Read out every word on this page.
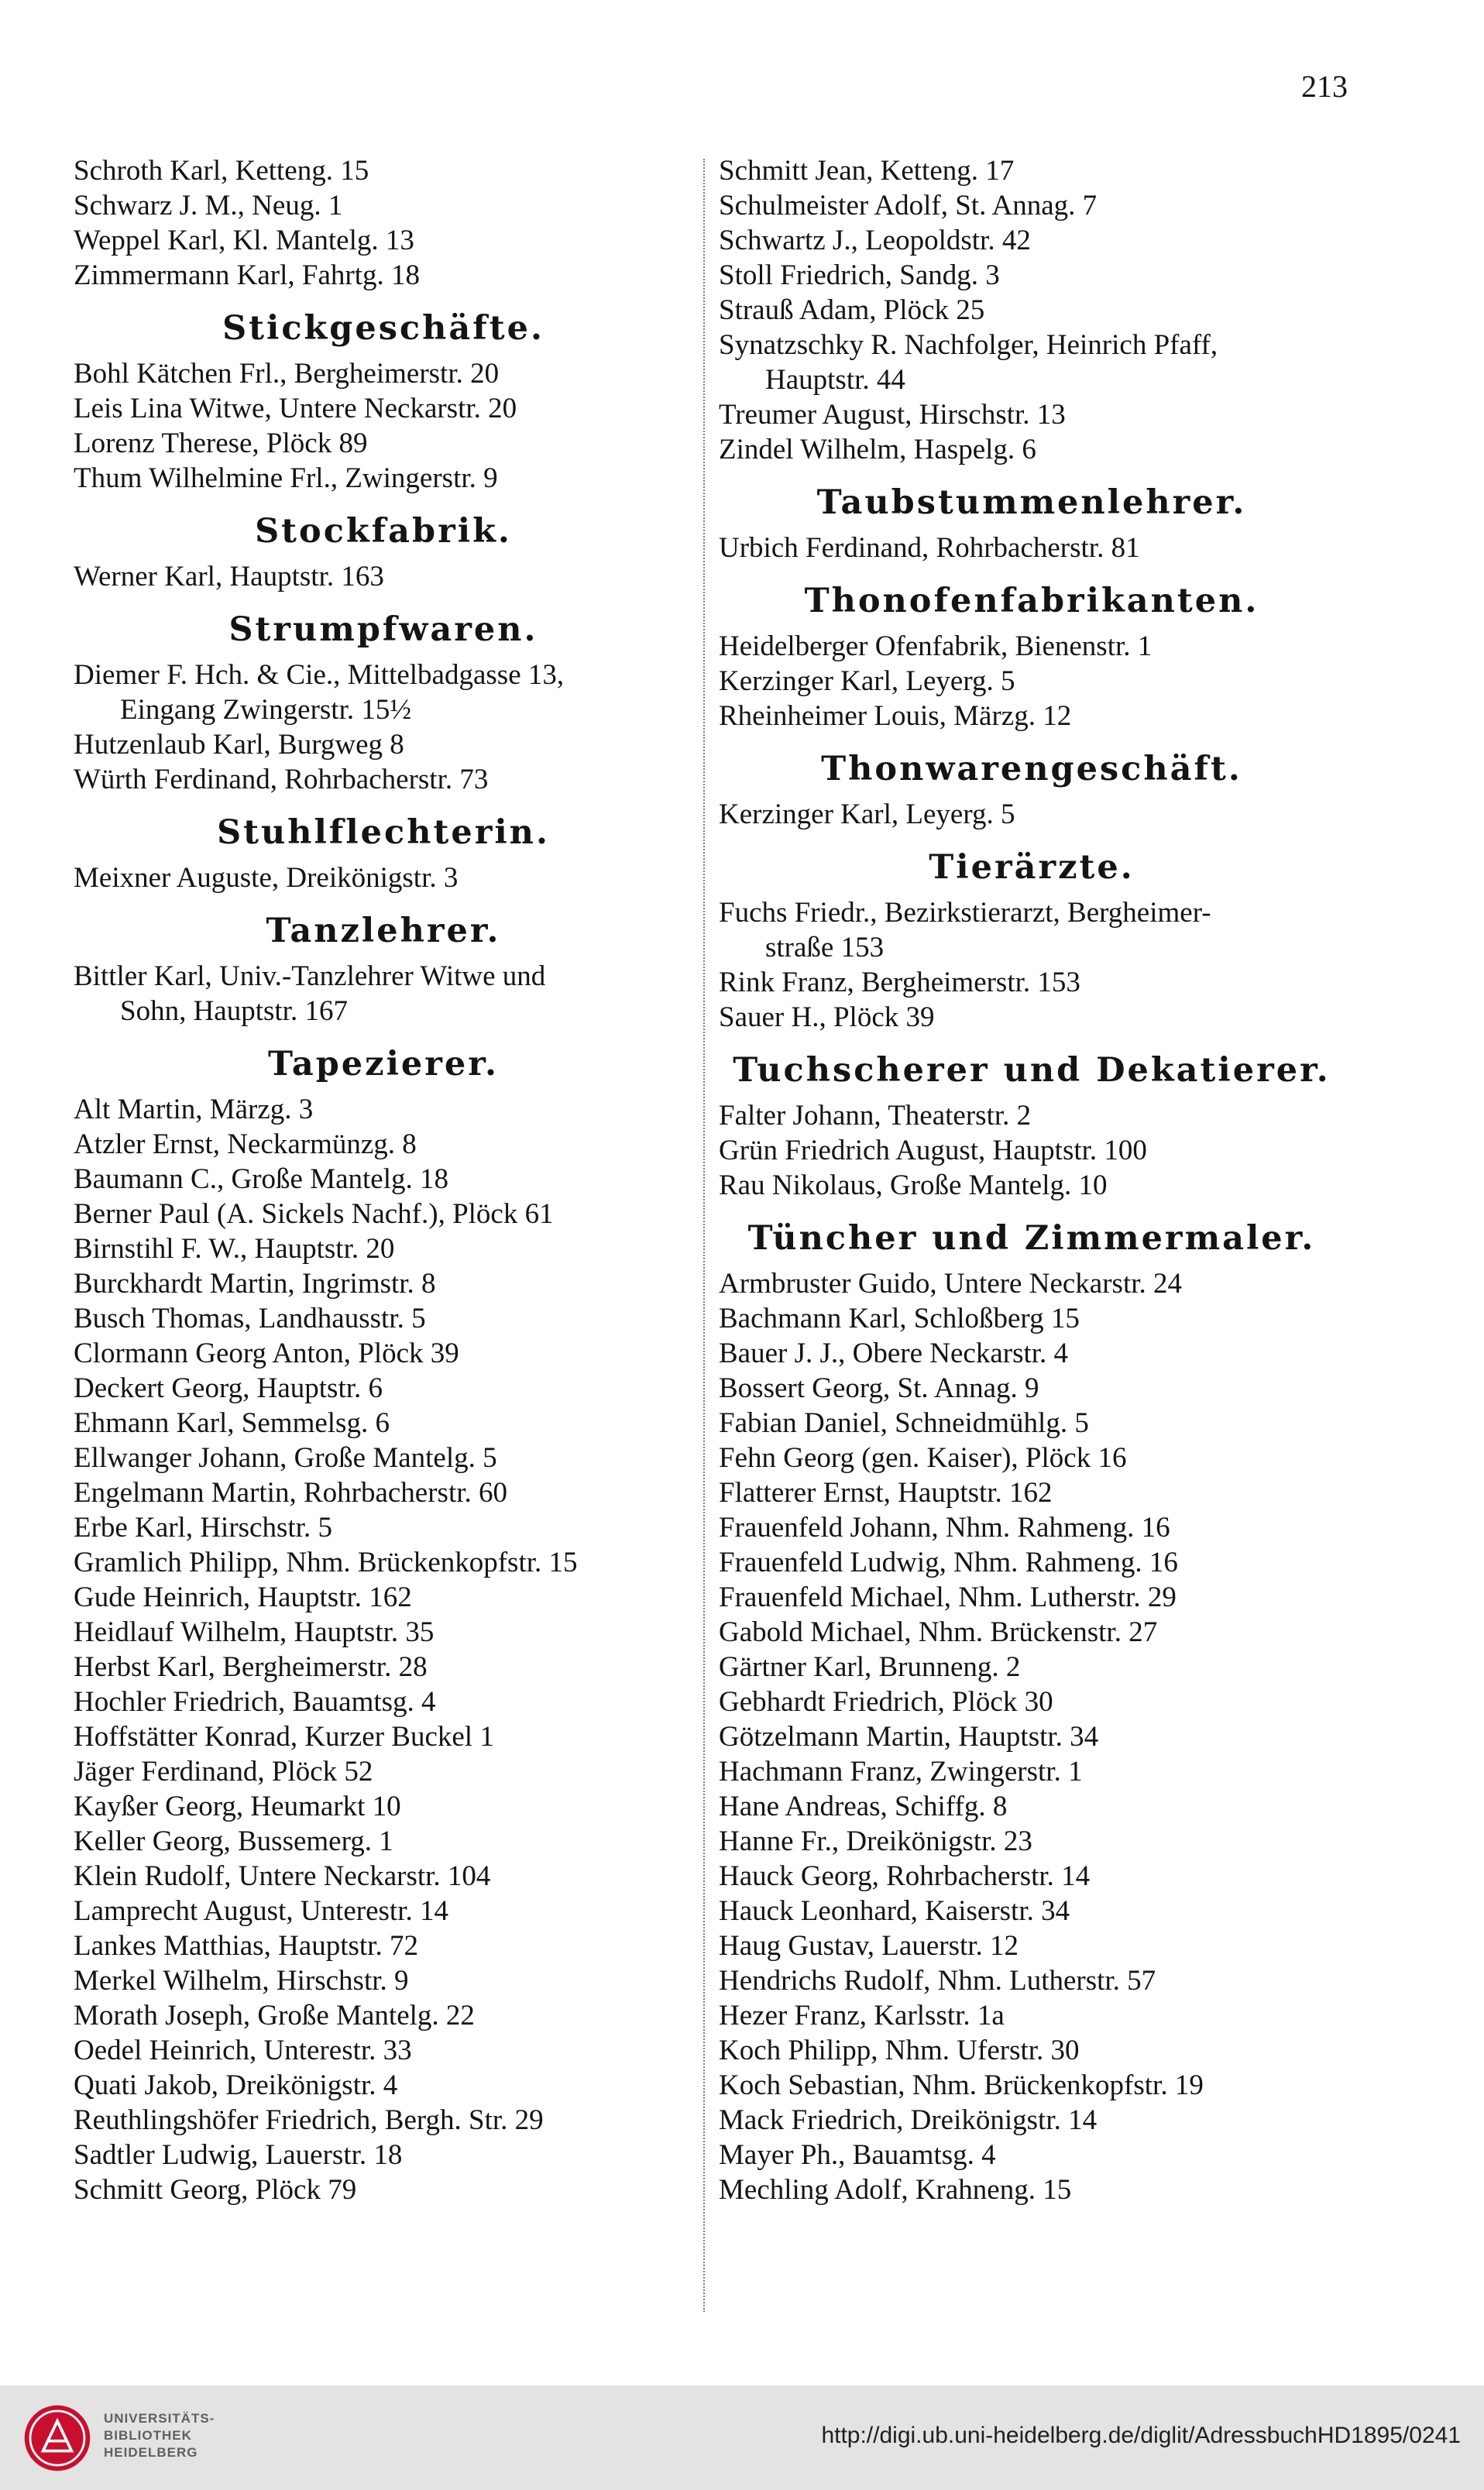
213
Schroth Karl, Ketteng. 15
Schwarz J. M., Neug. 1
Weppel Karl, Kl. Mantelg. 13
Zimmermann Karl, Fahrtg. 18
Stickgeschäfte.
Bohl Kätchen Frl., Bergheimerstr. 20
Leis Lina Witwe, Untere Neckarstr. 20
Lorenz Therese, Plöck 89
Thum Wilhelmine Frl., Zwingerstr. 9
Stockfabrik.
Werner Karl, Hauptstr. 163
Strumpfwaren.
Diemer F. Hch. & Cie., Mittelbadgasse 13,
Eingang Zwingerstr. 15½
Hutzenlaub Karl, Burgweg 8
Würth Ferdinand, Rohrbacherstr. 73
Stuhlflechterin.
Meixner Auguste, Dreikönigstr. 3
Tanzlehrer.
Bittler Karl, Univ.-Tanzlehrer Witwe und
Sohn, Hauptstr. 167
Tapezierer.
Alt Martin, Märzg. 3
Atzler Ernst, Neckarmünzg. 8
Baumann C., Große Mantelg. 18
Berner Paul (A. Sickels Nachf.), Plöck 61
Birnstihl F. W., Hauptstr. 20
Burckhardt Martin, Ingrimstr. 8
Busch Thomas, Landhausstr. 5
Clormann Georg Anton, Plöck 39
Deckert Georg, Hauptstr. 6
Ehmann Karl, Semmelsg. 6
Ellwanger Johann, Große Mantelg. 5
Engelmann Martin, Rohrbacherstr. 60
Erbe Karl, Hirschstr. 5
Gramlich Philipp, Nhm. Brückenkopfstr. 15
Gude Heinrich, Hauptstr. 162
Heidlauf Wilhelm, Hauptstr. 35
Herbst Karl, Bergheimerstr. 28
Hochler Friedrich, Bauamtsg. 4
Hoffstätter Konrad, Kurzer Buckel 1
Jäger Ferdinand, Plöck 52
Kayßer Georg, Heumarkt 10
Keller Georg, Bussemerg. 1
Klein Rudolf, Untere Neckarstr. 104
Lamprecht August, Unterestr. 14
Lankes Matthias, Hauptstr. 72
Merkel Wilhelm, Hirschstr. 9
Morath Joseph, Große Mantelg. 22
Oedel Heinrich, Unterestr. 33
Quati Jakob, Dreikönigstr. 4
Reuthlingshöfer Friedrich, Bergh. Str. 29
Sadtler Ludwig, Lauerstr. 18
Schmitt Georg, Plöck 79
Schmitt Jean, Ketteng. 17
Schulmeister Adolf, St. Annag. 7
Schwartz J., Leopoldstr. 42
Stoll Friedrich, Sandg. 3
Strauß Adam, Plöck 25
Synatzschky R. Nachfolger, Heinrich Pfaff,
Hauptstr. 44
Treumer August, Hirschstr. 13
Zindel Wilhelm, Haspelg. 6
Taubstummenlehrer.
Urbich Ferdinand, Rohrbacherstr. 81
Thonofenfabrikanten.
Heidelberger Ofenfabrik, Bienenstr. 1
Kerzinger Karl, Leyerg. 5
Rheinheimer Louis, Märzg. 12
Thonwarengeschäft.
Kerzinger Karl, Leyerg. 5
Tierärzte.
Fuchs Friedr., Bezirkstierarzt, Bergheimer-
straße 153
Rink Franz, Bergheimerstr. 153
Sauer H., Plöck 39
Tuchscherer und Dekatierer.
Falter Johann, Theaterstr. 2
Grün Friedrich August, Hauptstr. 100
Rau Nikolaus, Große Mantelg. 10
Tüncher und Zimmermaler.
Armbruster Guido, Untere Neckarstr. 24
Bachmann Karl, Schloßberg 15
Bauer J. J., Obere Neckarstr. 4
Bossert Georg, St. Annag. 9
Fabian Daniel, Schneidmühlg. 5
Fehn Georg (gen. Kaiser), Plöck 16
Flatterer Ernst, Hauptstr. 162
Frauenfeld Johann, Nhm. Rahmeng. 16
Frauenfeld Ludwig, Nhm. Rahmeng. 16
Frauenfeld Michael, Nhm. Lutherstr. 29
Gabold Michael, Nhm. Brückenstr. 27
Gärtner Karl, Brunneng. 2
Gebhardt Friedrich, Plöck 30
Götzelmann Martin, Hauptstr. 34
Hachmann Franz, Zwingerstr. 1
Hane Andreas, Schiffg. 8
Hanne Fr., Dreikönigstr. 23
Hauck Georg, Rohrbacherstr. 14
Hauck Leonhard, Kaiserstr. 34
Haug Gustav, Lauerstr. 12
Hendrichs Rudolf, Nhm. Lutherstr. 57
Hezer Franz, Karlsstr. 1a
Koch Philipp, Nhm. Uferstr. 30
Koch Sebastian, Nhm. Brückenkopfstr. 19
Mack Friedrich, Dreikönigstr. 14
Mayer Ph., Bauamtsg. 4
Mechling Adolf, Krahneng. 15
UNIVERSITÄTS-
BIBLIOTHEK
HEIDELBERG
http://digi.ub.uni-heidelberg.de/diglit/AdressbuchHD1895/0241
